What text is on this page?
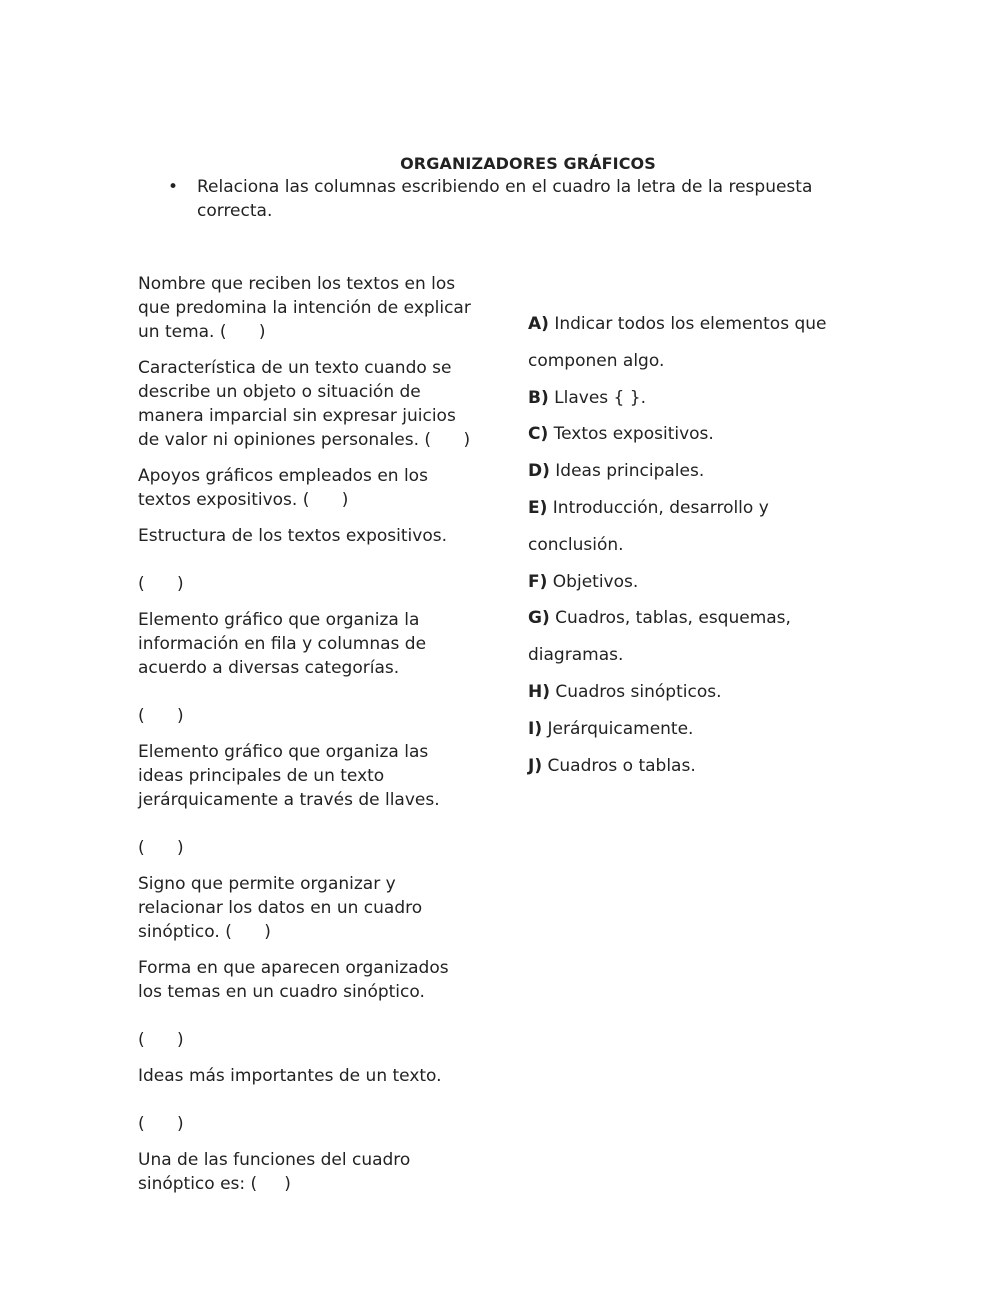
ORGANIZADORES GRÁFICOS
• Relaciona las columnas escribiendo en el cuadro la letra de la respuesta correcta.

Nombre que reciben los textos en los que predomina la intención de explicar un tema. (      )

Característica de un texto cuando se describe un objeto o situación de manera imparcial sin expresar juicios de valor ni opiniones personales. (      )

Apoyos gráficos empleados en los textos expositivos. (      )

Estructura de los textos expositivos.

(      )

Elemento gráfico que organiza la información en fila y columnas de acuerdo a diversas categorías.

(      )

Elemento gráfico que organiza las ideas principales de un texto jerárquicamente a través de llaves.

(      )

Signo que permite organizar y relacionar los datos en un cuadro sinóptico. (      )

Forma en que aparecen organizados los temas en un cuadro sinóptico.

(      )

Ideas más importantes de un texto.

(      )

Una de las funciones del cuadro sinóptico es: (     )

A) Indicar todos los elementos que componen algo.
B) Llaves { }.
C) Textos expositivos.
D) Ideas principales.
E) Introducción, desarrollo y conclusión.
F) Objetivos.
G) Cuadros, tablas, esquemas, diagramas.
H) Cuadros sinópticos.
I) Jerárquicamente.
J) Cuadros o tablas.
